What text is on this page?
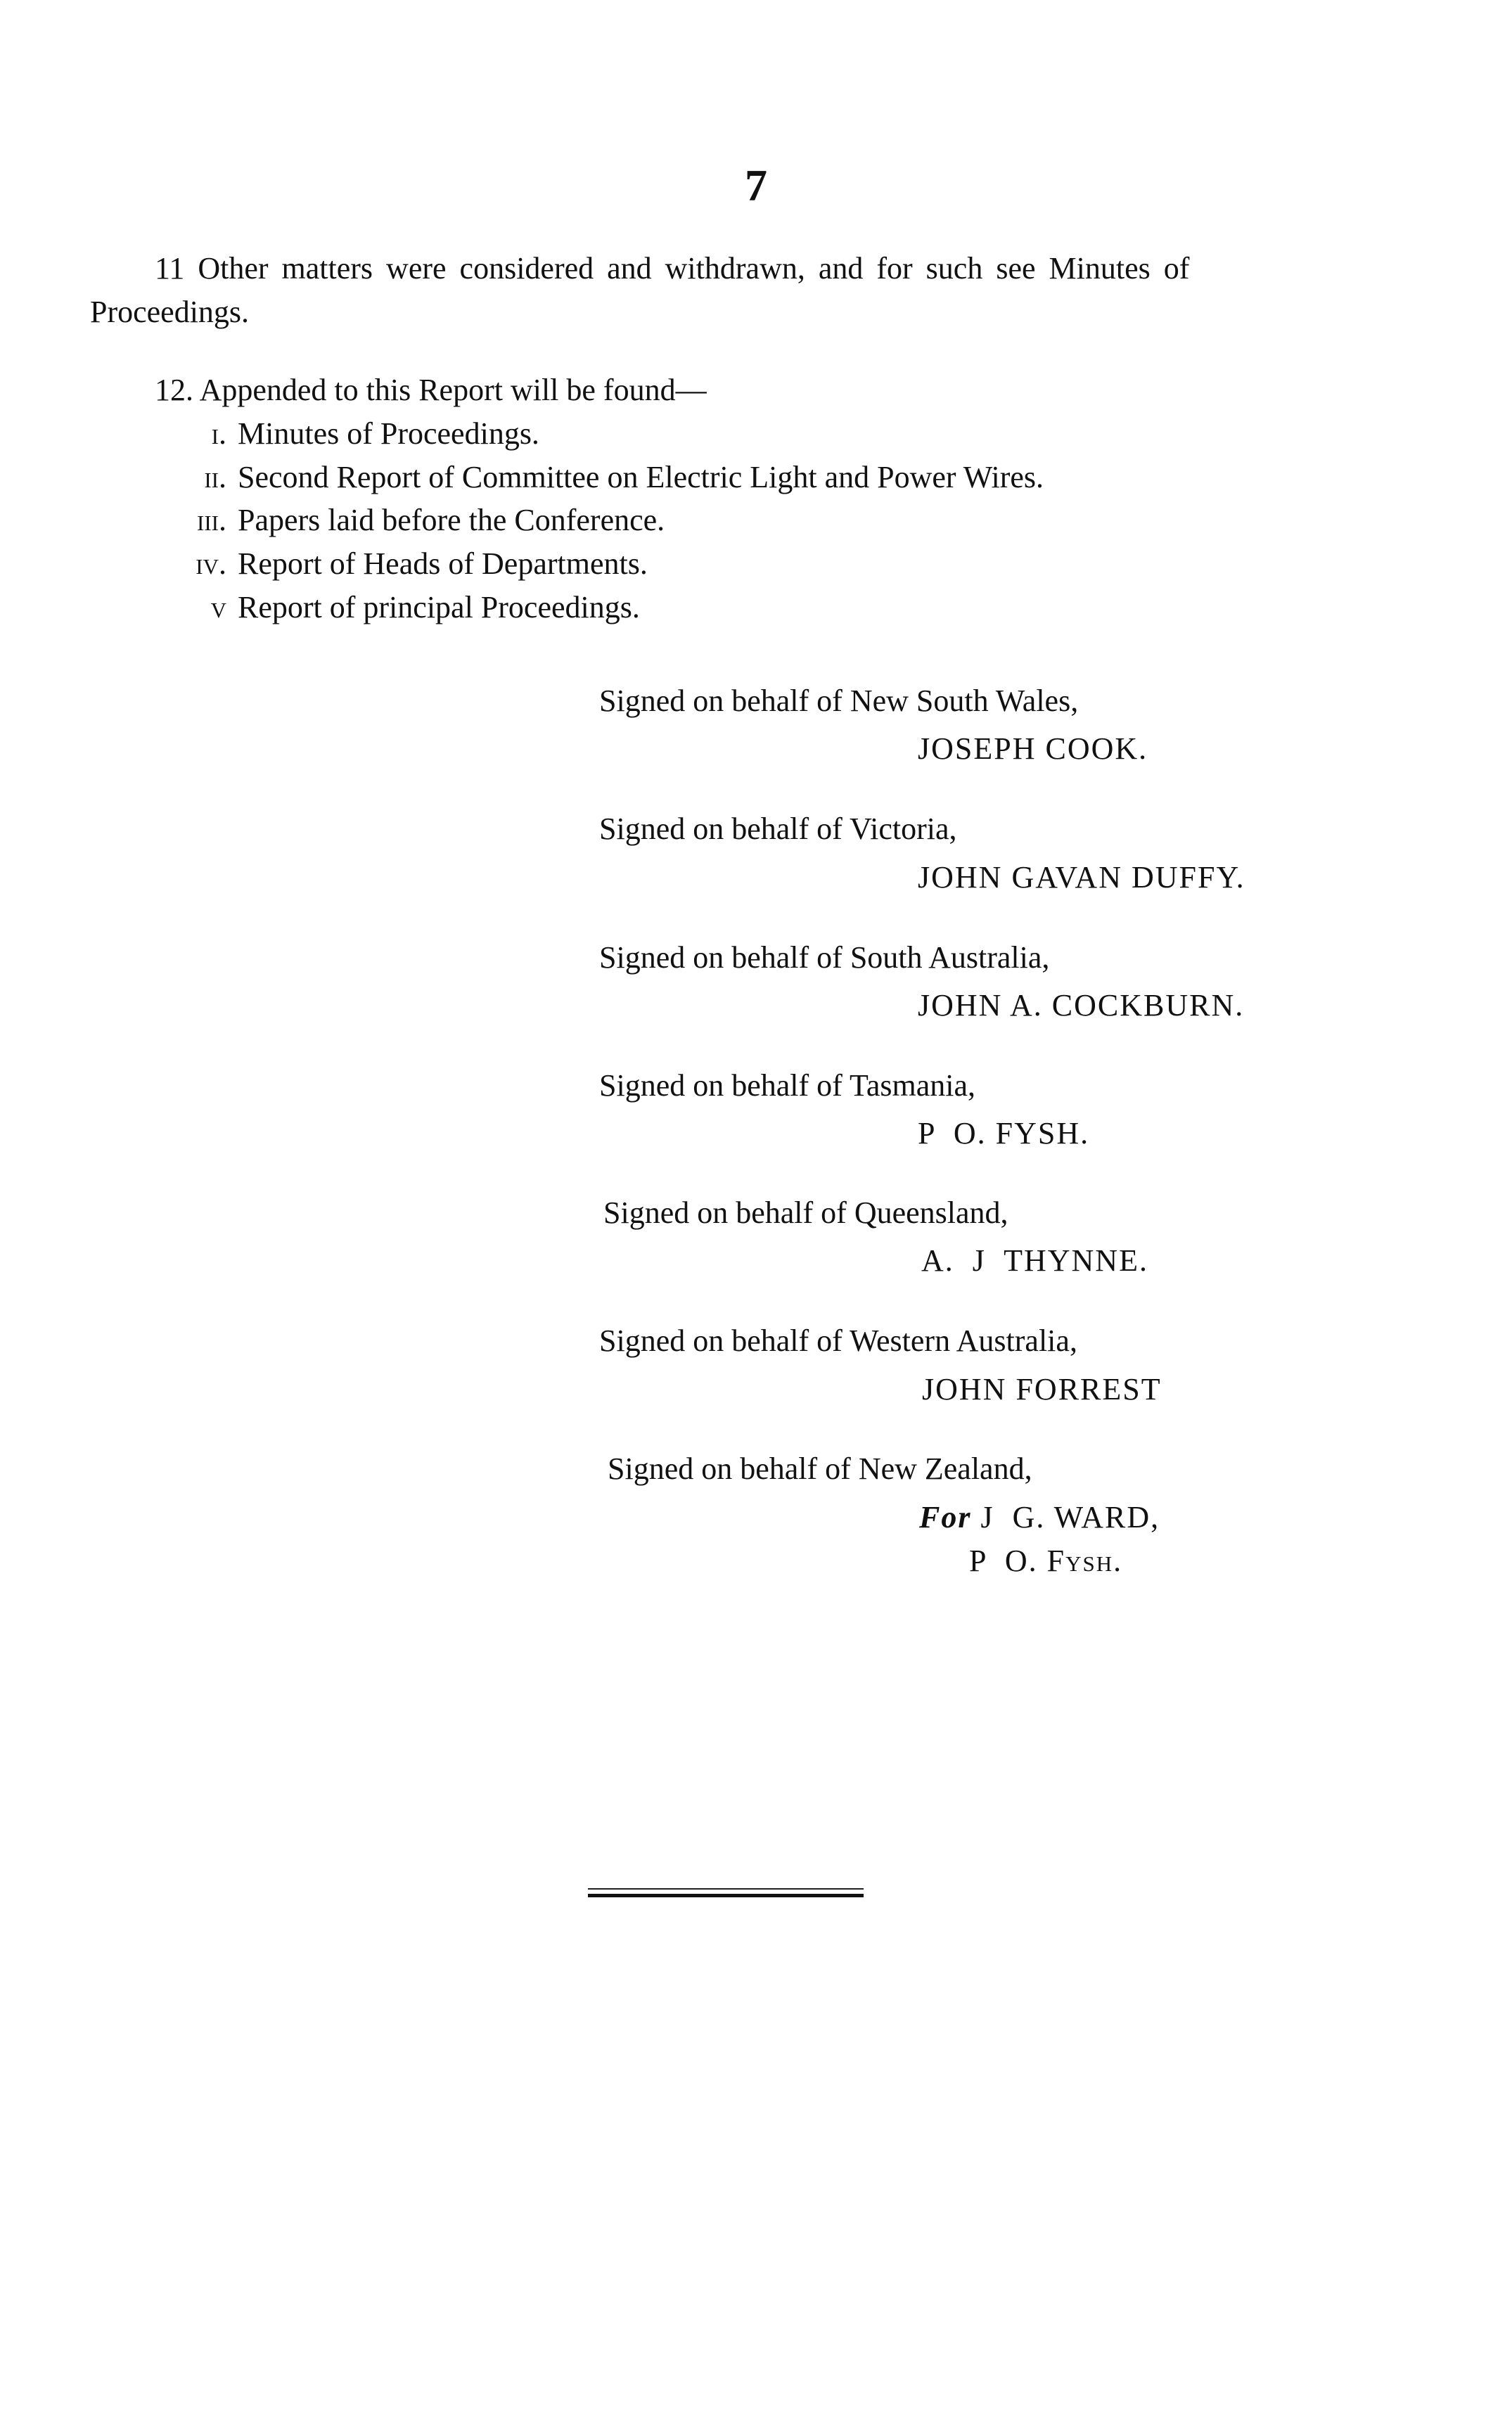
7
11 Other matters were considered and withdrawn, and for such see Minutes of
Proceedings.
12. Appended to this Report will be found—
i. Minutes of Proceedings.
ii. Second Report of Committee on Electric Light and Power Wires.
iii. Papers laid before the Conference.
iv. Report of Heads of Departments.
v Report of principal Proceedings.
Signed on behalf of New South Wales,
JOSEPH COOK.
Signed on behalf of Victoria,
JOHN GAVAN DUFFY.
Signed on behalf of South Australia,
JOHN A. COCKBURN.
Signed on behalf of Tasmania,
P  O. FYSH.
Signed on behalf of Queensland,
A.  J  THYNNE.
Signed on behalf of Western Australia,
JOHN FORREST
Signed on behalf of New Zealand,
For J  G. WARD,
P  O. Fysh.
